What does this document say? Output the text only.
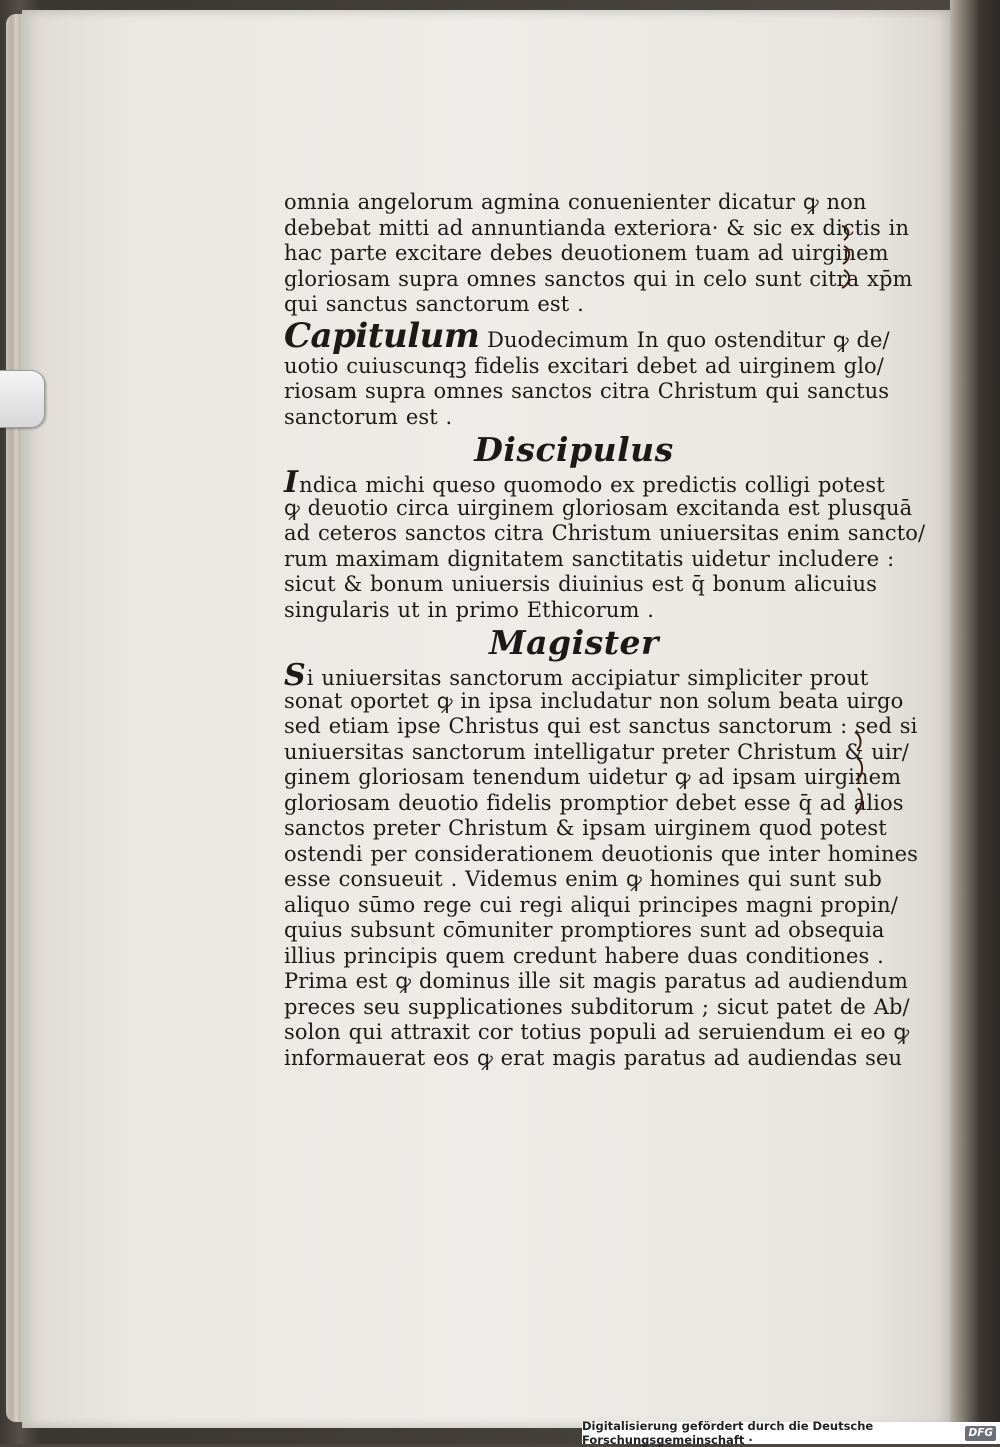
omnia angelorum agmina conuenienter dicatur ꝙ non
debebat mitti ad annuntianda exteriora· & sic ex dictis in
hac parte excitare debes deuotionem tuam ad uirginem
gloriosam supra omnes sanctos qui in celo sunt citra xp̄m
qui sanctus sanctorum est .
Capitulum Duodecimum In quo ostenditur ꝙ de/
uotio cuiuscunqꝫ fidelis excitari debet ad uirginem glo/
riosam supra omnes sanctos citra Christum qui sanctus
sanctorum est .
Discipulus
Indica michi queso quomodo ex predictis colligi potest
ꝙ deuotio circa uirginem gloriosam excitanda est plusquā
ad ceteros sanctos citra Christum uniuersitas enim sancto/
rum maximam dignitatem sanctitatis uidetur includere :
sicut & bonum uniuersis diuinius est q̄ bonum alicuius
singularis ut in primo Ethicorum .
Magister
Si uniuersitas sanctorum accipiatur simpliciter prout
sonat oportet ꝙ in ipsa includatur non solum beata uirgo
sed etiam ipse Christus qui est sanctus sanctorum : sed si
uniuersitas sanctorum intelligatur preter Christum & uir/
ginem gloriosam tenendum uidetur ꝙ ad ipsam uirginem
gloriosam deuotio fidelis promptior debet esse q̄ ad alios
sanctos preter Christum & ipsam uirginem quod potest
ostendi per considerationem deuotionis que inter homines
esse consueuit . Videmus enim ꝙ homines qui sunt sub
aliquo sūmo rege cui regi aliqui principes magni propin/
quius subsunt cōmuniter promptiores sunt ad obsequia
illius principis quem credunt habere duas conditiones .
Prima est ꝙ dominus ille sit magis paratus ad audiendum
preces seu supplicationes subditorum ; sicut patet de Ab/
solon qui attraxit cor totius populi ad seruiendum ei eo ꝙ
informauerat eos ꝙ erat magis paratus ad audiendas seu
Digitalisierung gefördert durch die Deutsche Forschungsgemeinschaft ·
DFG
